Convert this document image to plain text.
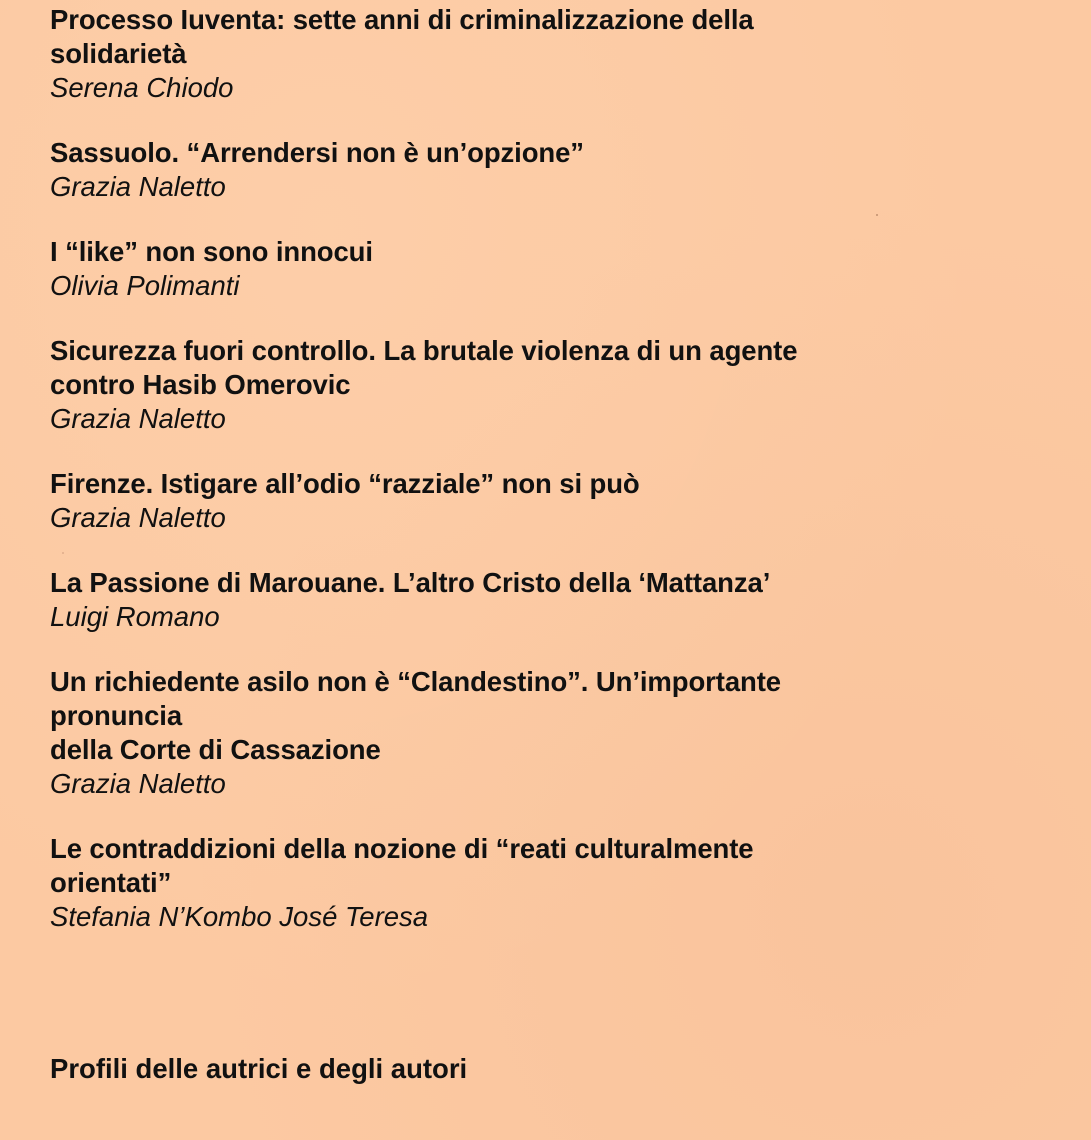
Processo Iuventa: sette anni di criminalizzazione della
solidarietà
Serena Chiodo
Sassuolo. “Arrendersi non è un’opzione”
Grazia Naletto
I “like” non sono innocui
Olivia Polimanti
Sicurezza fuori controllo. La brutale violenza di un agente
contro Hasib Omerovic
Grazia Naletto
Firenze. Istigare all’odio “razziale” non si può
Grazia Naletto
La Passione di Marouane. L’altro Cristo della ‘Mattanza’
Luigi Romano
Un richiedente asilo non è “Clandestino”. Un’importante
pronuncia
della Corte di Cassazione
Grazia Naletto
Le contraddizioni della nozione di “reati culturalmente
orientati”
Stefania N’Kombo José Teresa
Profili delle autrici e degli autori
